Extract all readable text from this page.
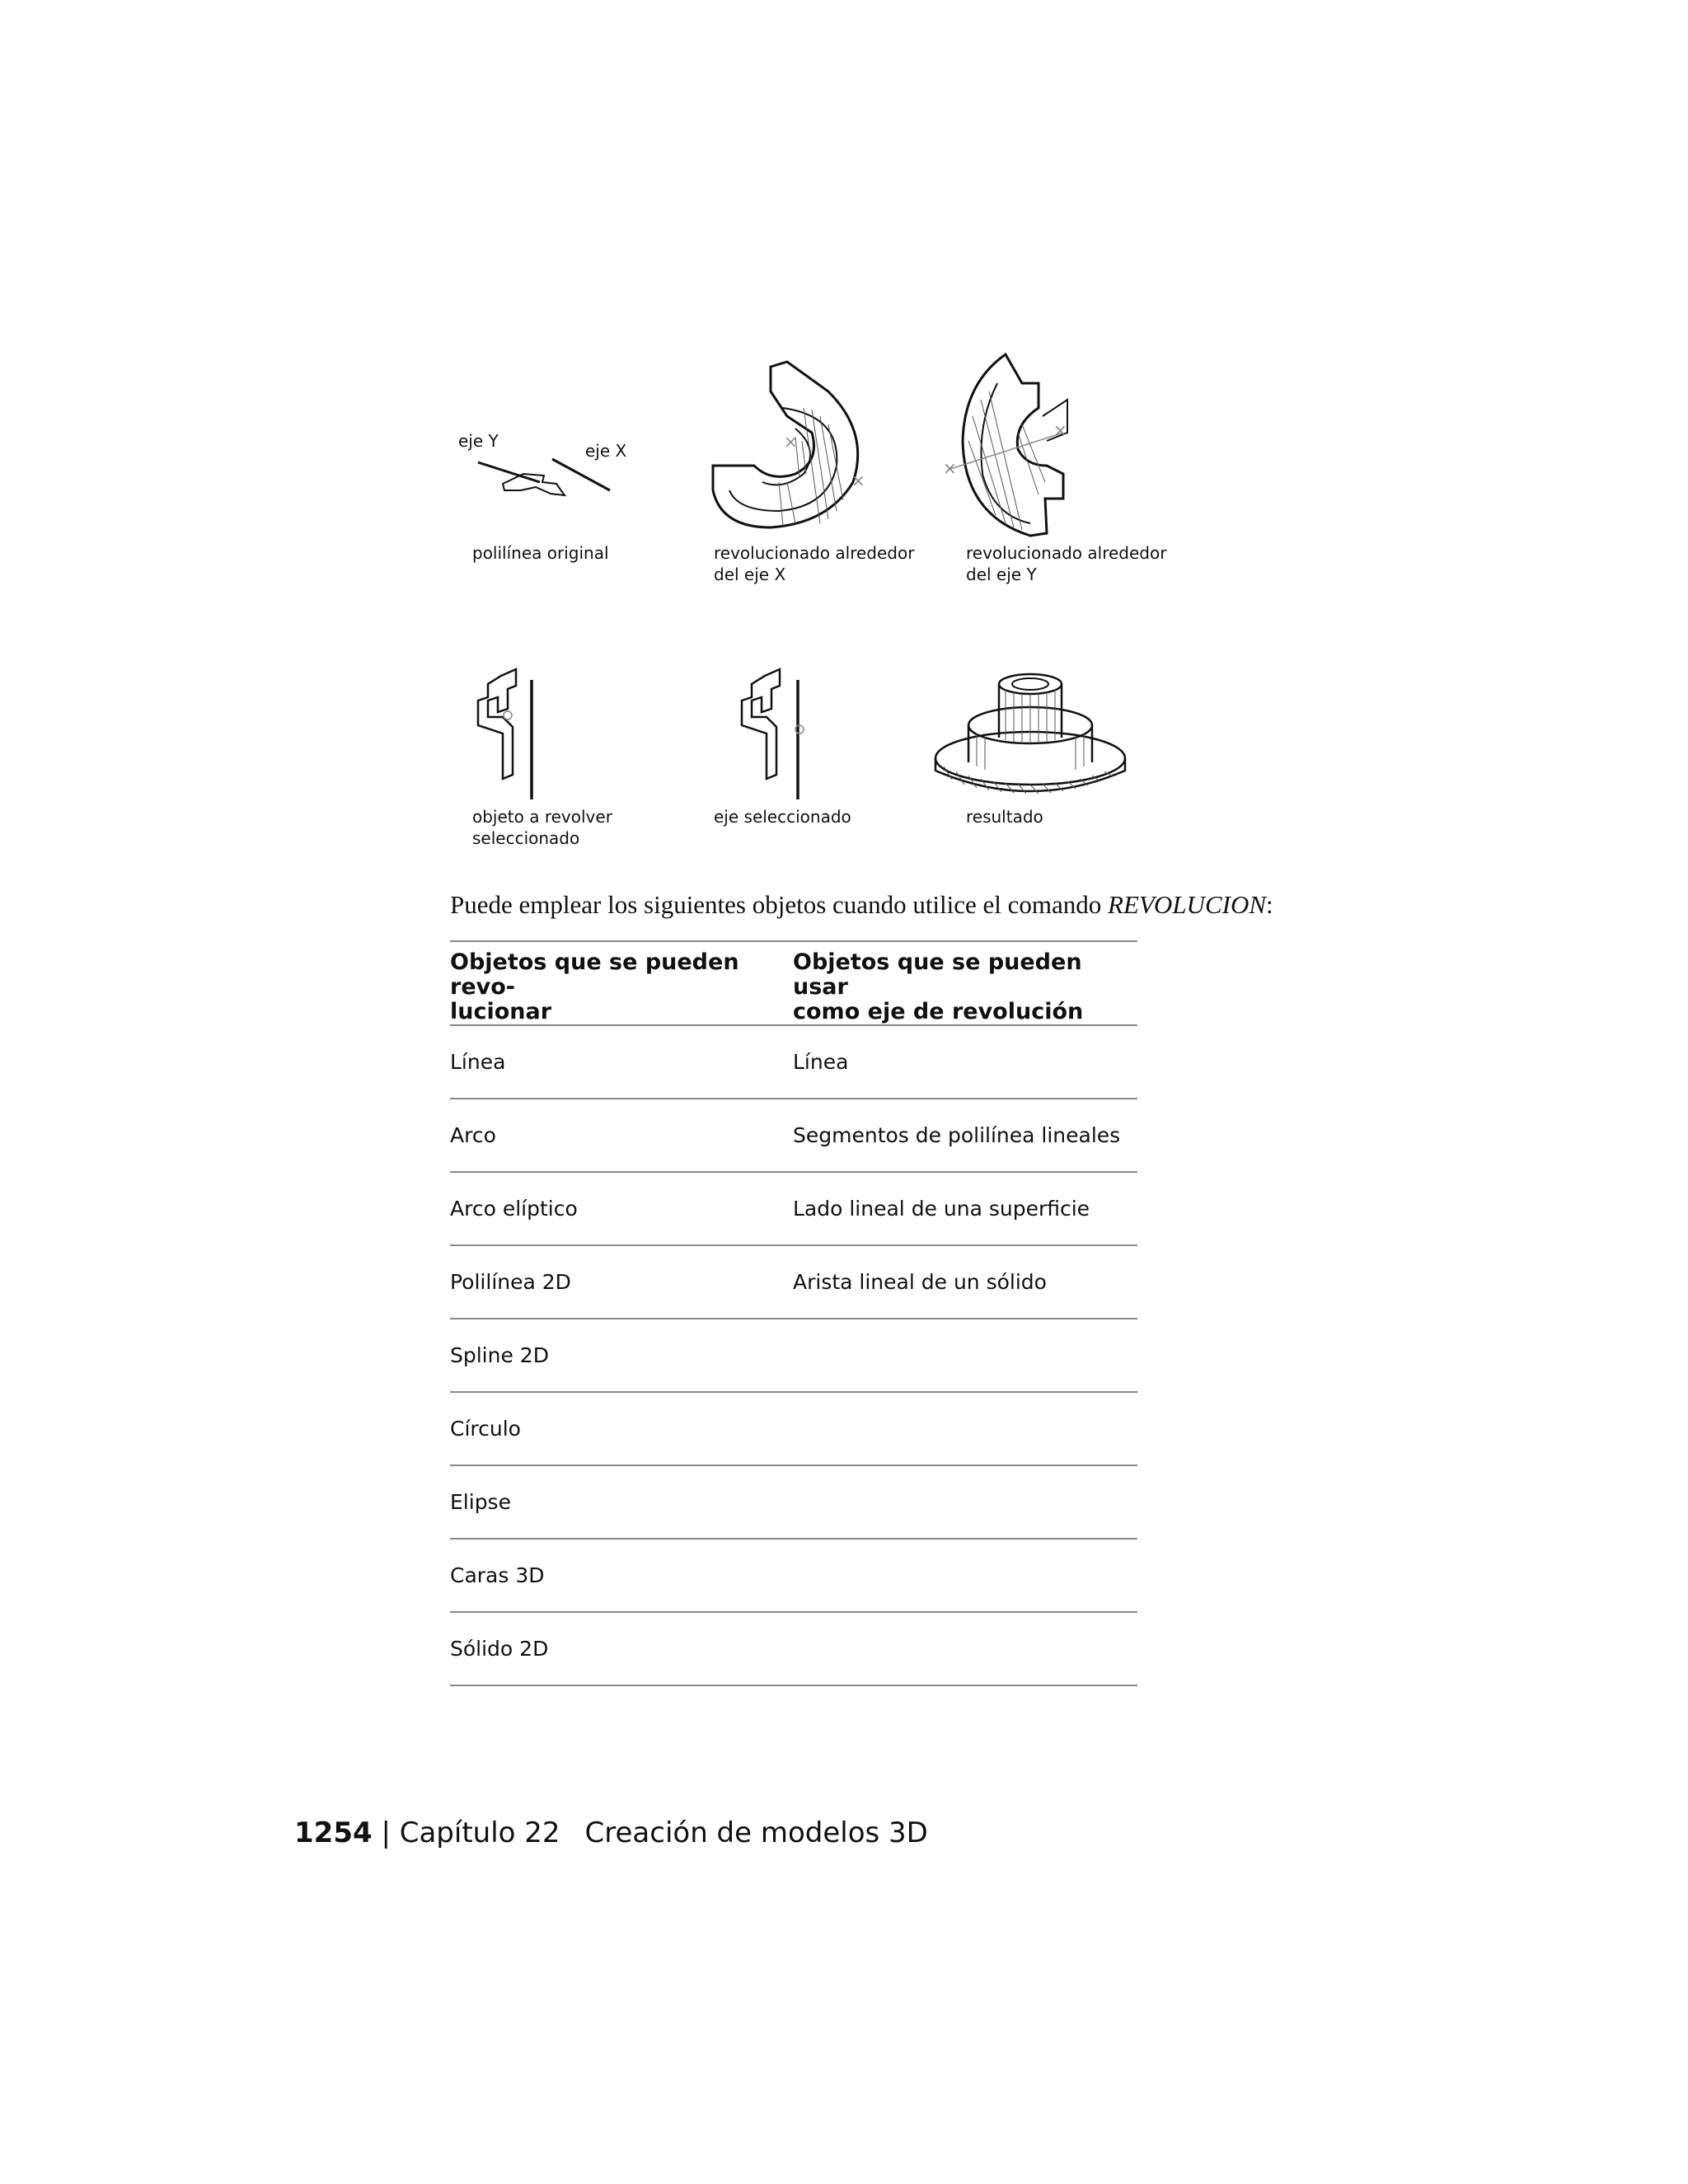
eje Y	eje X

polilínea original

×
×

revolucionado alrededor
del eje X

×
×

revolucionado alrededor
del eje Y

objeto a revolver
seleccionado

eje seleccionado	resultado

Puede emplear los siguientes objetos cuando utilice el comando REVOLUCION:

Objetos que se pueden revo-
lucionar	Objetos que se pueden usar
como eje de revolución
Línea	Línea
Arco	Segmentos de polilínea lineales
Arco elíptico	Lado lineal de una superficie
Polilínea 2D	Arista lineal de un sólido
Spline 2D	
Círculo	
Elipse	
Caras 3D	
Sólido 2D	

1254 | Capítulo 22 Creación de modelos 3D
